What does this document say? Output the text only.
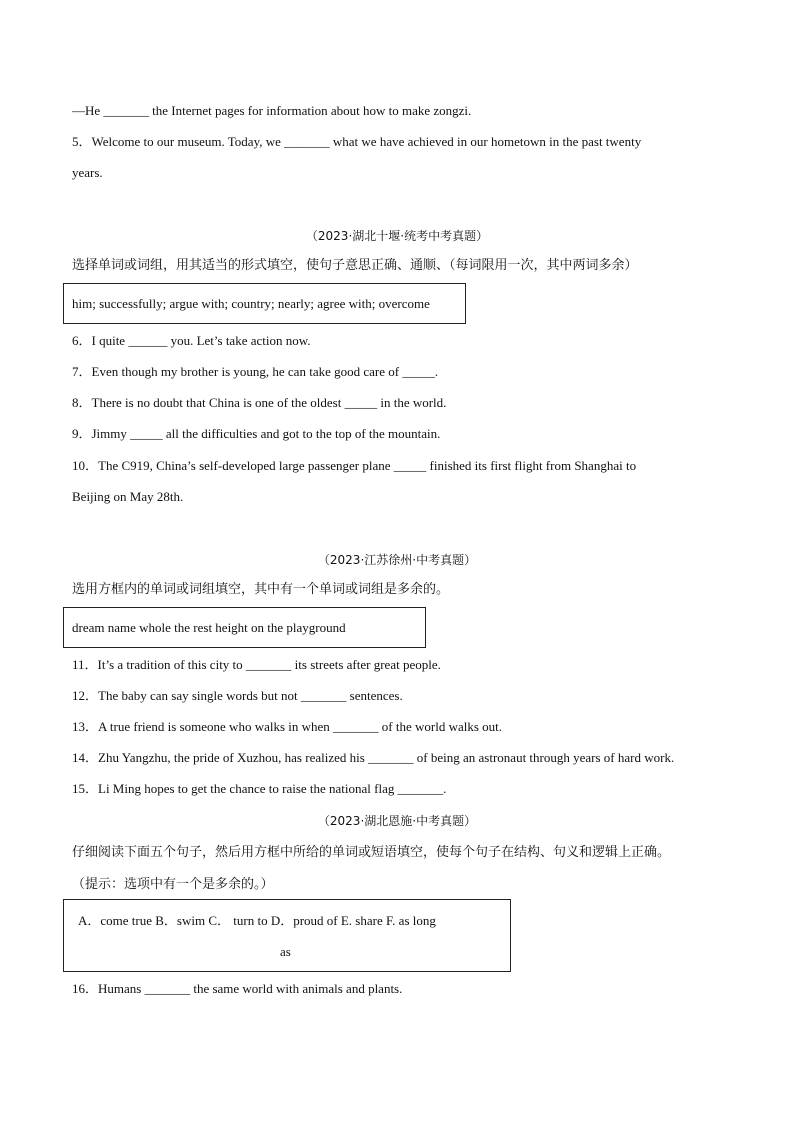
—He _______ the Internet pages for information about how to make zongzi.
5．Welcome to our museum. Today, we _______ what we have achieved in our hometown in the past twenty
years.
（2023·湖北十堰·统考中考真题）
选择单词或词组，用其适当的形式填空，使句子意思正确、通顺、（每词限用一次，其中两词多余）
him; successfully; argue with; country; nearly; agree with; overcome
6．I quite ______ you. Let’s take action now.
7．Even though my brother is young, he can take good care of _____.
8．There is no doubt that China is one of the oldest _____ in the world.
9．Jimmy _____ all the difficulties and got to the top of the mountain.
10．The C919, China’s self-developed large passenger plane _____ finished its first flight from Shanghai to
Beijing on May 28th.
（2023·江苏徐州·中考真题）
选用方框内的单词或词组填空，其中有一个单词或词组是多余的。
dream name whole the rest height on the playground
11．It’s a tradition of this city to _______ its streets after great people.
12．The baby can say single words but not _______ sentences.
13．A true friend is someone who walks in when _______ of the world walks out.
14．Zhu Yangzhu, the pride of Xuzhou, has realized his _______ of being an astronaut through years of hard work.
15．Li Ming hopes to get the chance to raise the national flag _______.
（2023·湖北恩施·中考真题）
仔细阅读下面五个句子，然后用方框中所给的单词或短语填空，使每个句子在结构、句义和逻辑上正确。
（提示：选项中有一个是多余的。）
A．come true B．swim C． turn to D．proud of E. share F. as long
as
16．Humans _______ the same world with animals and plants.
